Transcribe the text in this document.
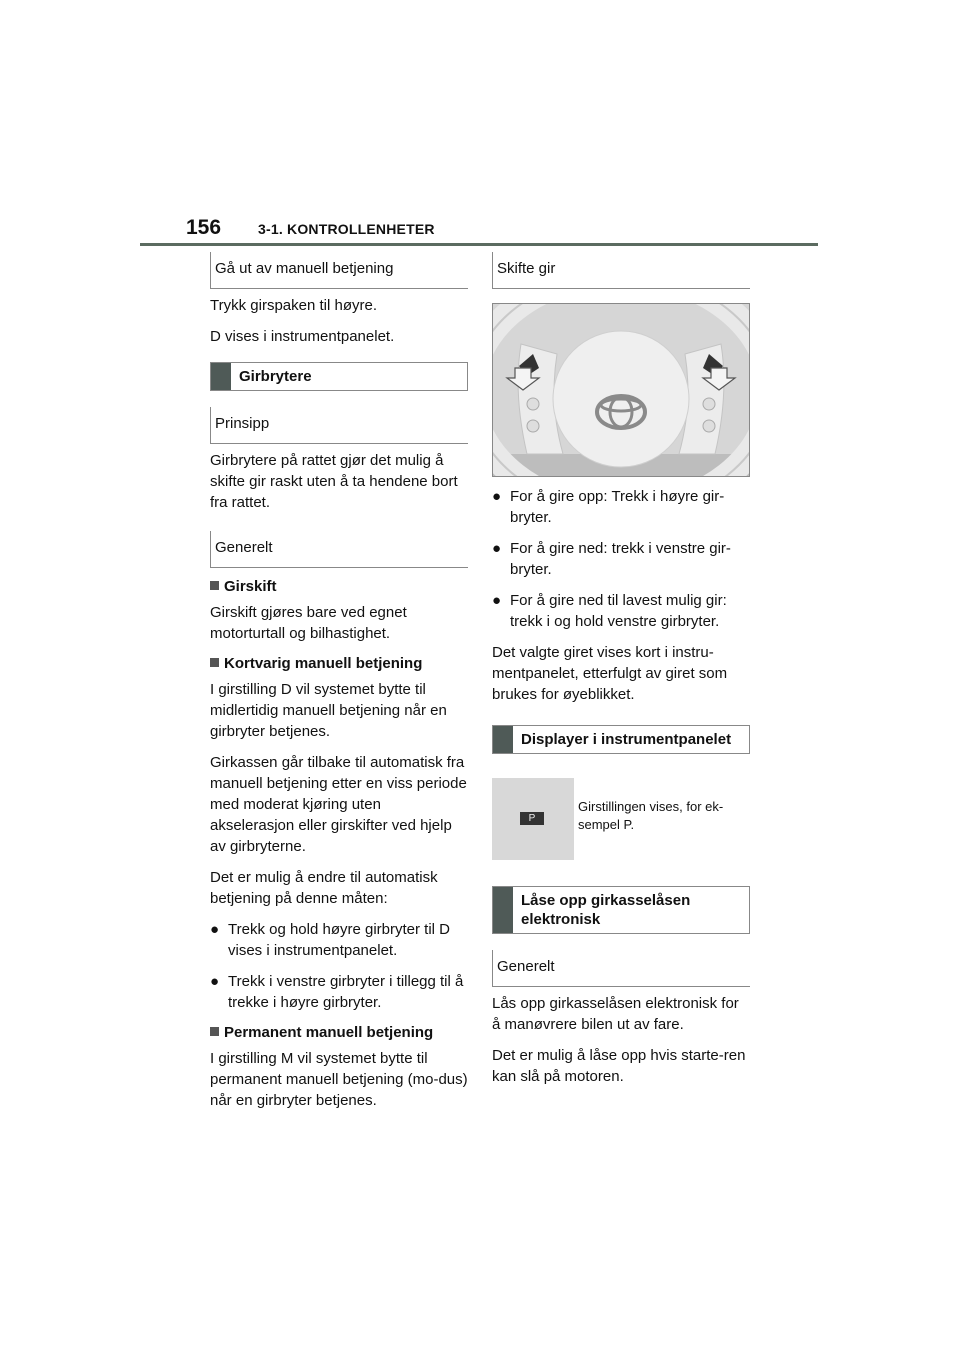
156	3-1. KONTROLLENHETER
Gå ut av manuell betjening

Trykk girspaken til høyre.

D vises i instrumentpanelet.

Girbrytere
Prinsipp

Girbrytere på rattet gjør det mulig å skifte gir raskt uten å ta hendene bort fra rattet.

Generelt
Girskift

Girskift gjøres bare ved egnet motorturtall og bilhastighet.

Kortvarig manuell betjening

I girstilling D vil systemet bytte til midlertidig manuell betjening når en girbryter betjenes.

Girkassen går tilbake til automatisk fra manuell betjening etter en viss periode med moderat kjøring uten akselerasjon eller girskifter ved hjelp av girbryterne.

Det er mulig å endre til automatisk betjening på denne måten:

● Trekk og hold høyre girbryter til D vises i instrumentpanelet.
● Trekk i venstre girbryter i tillegg til å trekke i høyre girbryter.
Permanent manuell betjening

I girstilling M vil systemet bytte til permanent manuell betjening (mo-dus) når en girbryter betjenes.

Skifte gir
● For å gire opp: Trekk i høyre gir-bryter.
● For å gire ned: trekk i venstre gir-bryter.
● For å gire ned til lavest mulig gir: trekk i og hold venstre girbryter.

Det valgte giret vises kort i instru-mentpanelet, etterfulgt av giret som brukes for øyeblikket.

Displayer i instrumentpanelet
P
Girstillingen vises, for ek-sempel P.
Låse opp girkasselåsen elektronisk
Generelt

Lås opp girkasselåsen elektronisk for å manøvrere bilen ut av fare.

Det er mulig å låse opp hvis starte-ren kan slå på motoren.
